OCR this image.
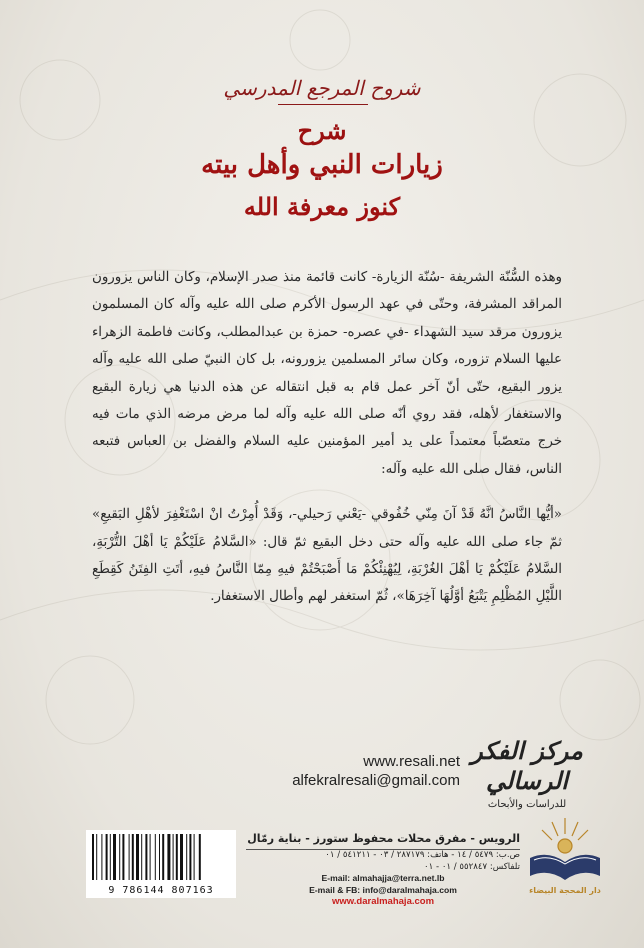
شروح المرجع المدرسي
شرح
زيارات النبي وأهل بيته
كنوز معرفة الله

وهذه السُّنّة الشريفة -سُنّة الزيارة- كانت قائمة منذ صدر الإسلام، وكان الناس يزورون المراقد المشرفة، وحتّى في عهد الرسول الأكرم صلى الله عليه وآله كان المسلمون يزورون مرقد سيد الشهداء -في عصره- حمزة بن عبدالمطلب، وكانت فاطمة الزهراء عليها السلام تزوره، وكان سائر المسلمين يزورونه، بل كان النبيّ صلى الله عليه وآله يزور البقيع، حتّى أنّ آخر عمل قام به قبل انتقاله عن هذه الدنيا هي زيارة البقيع والاستغفار لأهله، فقد روي أنّه صلى الله عليه وآله لما مرض مرضه الذي مات فيه خرج متعصّباً معتمداً على يد أمير المؤمنين عليه السلام والفضل بن العباس فتبعه الناس، فقال صلى الله عليه وآله:

«أيُّها النَّاسُ انَّهُ قَدْ آنَ مِنّي خُفُوقي -يَعْني رَحيلي-، وَقَدْ أُمِرْتُ انْ اسْتَغْفِرَ لأهْلِ البَقيعِ» ثمّ جاء صلى الله عليه وآله حتى دخل البقيع ثمّ قال: «السَّلامُ عَلَيْكُمْ يَا أهْلَ التُّرْبَةِ، السَّلامُ عَلَيْكُمْ يَا أهْلَ الغُرْبَةِ، لِيُهْنِئْكُمْ مَا أَصْبَحْتُمْ فيهِ مِمّا النَّاسُ فيهِ، أتَتِ الفِتَنُ كَقِطَعِ اللَّيْلِ المُظْلِمِ يَتْبَعُ أوَّلُهَا آخِرَهَا»، ثُمّ استغفر لهم وأطال الاستغفار.

مركز الفكر الرسالي
للدراسات والأبحاث
www.resali.net
alfekralresali@gmail.com
9 786144 807163
الرويس - مفرق محلات محفوظ ستورز - بناية رمّال
ص.ب: ٥٤٧٩ / ١٤ - هاتف: ٢٨٧١٧٩ / ٠٣ - ٥٤١٢١١ / ٠١
تلفاكس: ٥٥٢٨٤٧ / ٠١ - ٠١
E-mail: almahajja@terra.net.lb
E-mail & FB: info@daralmahaja.com
www.daralmahaja.com
دار المحجة البيضاء
